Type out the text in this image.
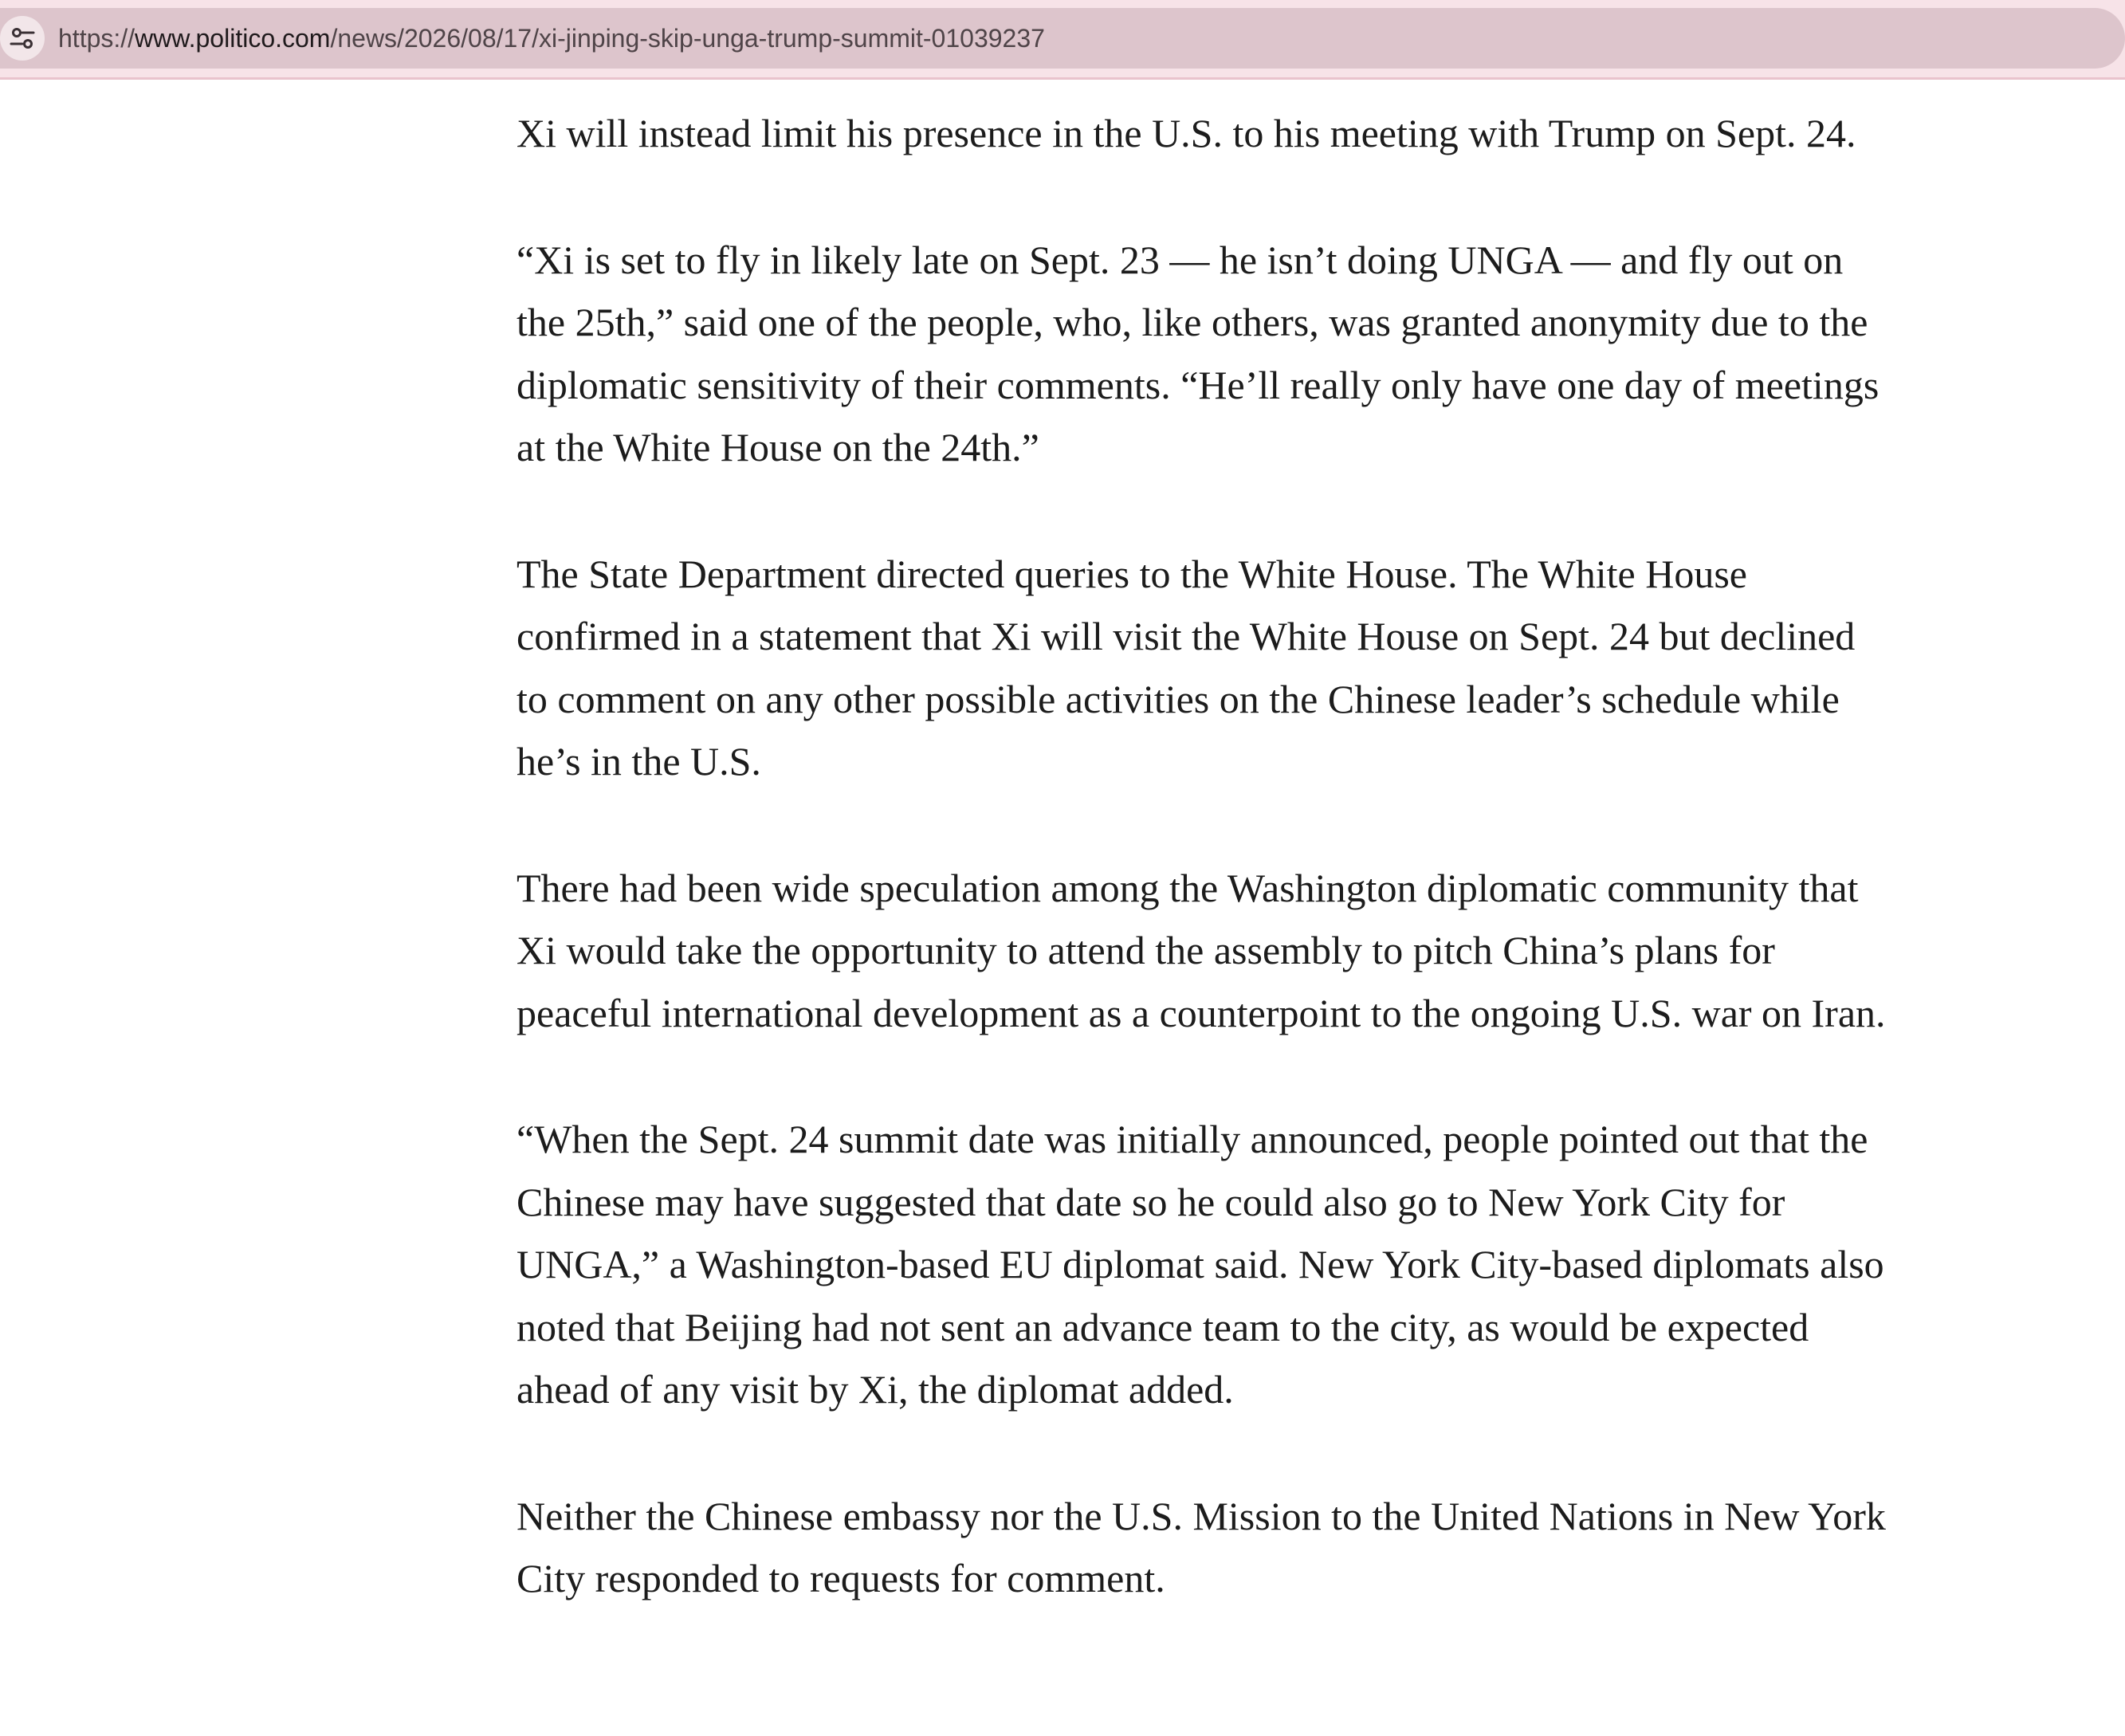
https://www.politico.com/news/2026/08/17/xi-jinping-skip-unga-trump-summit-01039237

Xi will instead limit his presence in the U.S. to his meeting with Trump on Sept. 24.

“Xi is set to fly in likely late on Sept. 23 — he isn’t doing UNGA — and fly out on the 25th,” said one of the people, who, like others, was granted anonymity due to the diplomatic sensitivity of their comments. “He’ll really only have one day of meetings at the White House on the 24th.”

The State Department directed queries to the White House. The White House confirmed in a statement that Xi will visit the White House on Sept. 24 but declined to comment on any other possible activities on the Chinese leader’s schedule while he’s in the U.S.

There had been wide speculation among the Washington diplomatic community that Xi would take the opportunity to attend the assembly to pitch China’s plans for peaceful international development as a counterpoint to the ongoing U.S. war on Iran.

“When the Sept. 24 summit date was initially announced, people pointed out that the Chinese may have suggested that date so he could also go to New York City for UNGA,” a Washington-based EU diplomat said. New York City-based diplomats also noted that Beijing had not sent an advance team to the city, as would be expected ahead of any visit by Xi, the diplomat added.

Neither the Chinese embassy nor the U.S. Mission to the United Nations in New York City responded to requests for comment.
